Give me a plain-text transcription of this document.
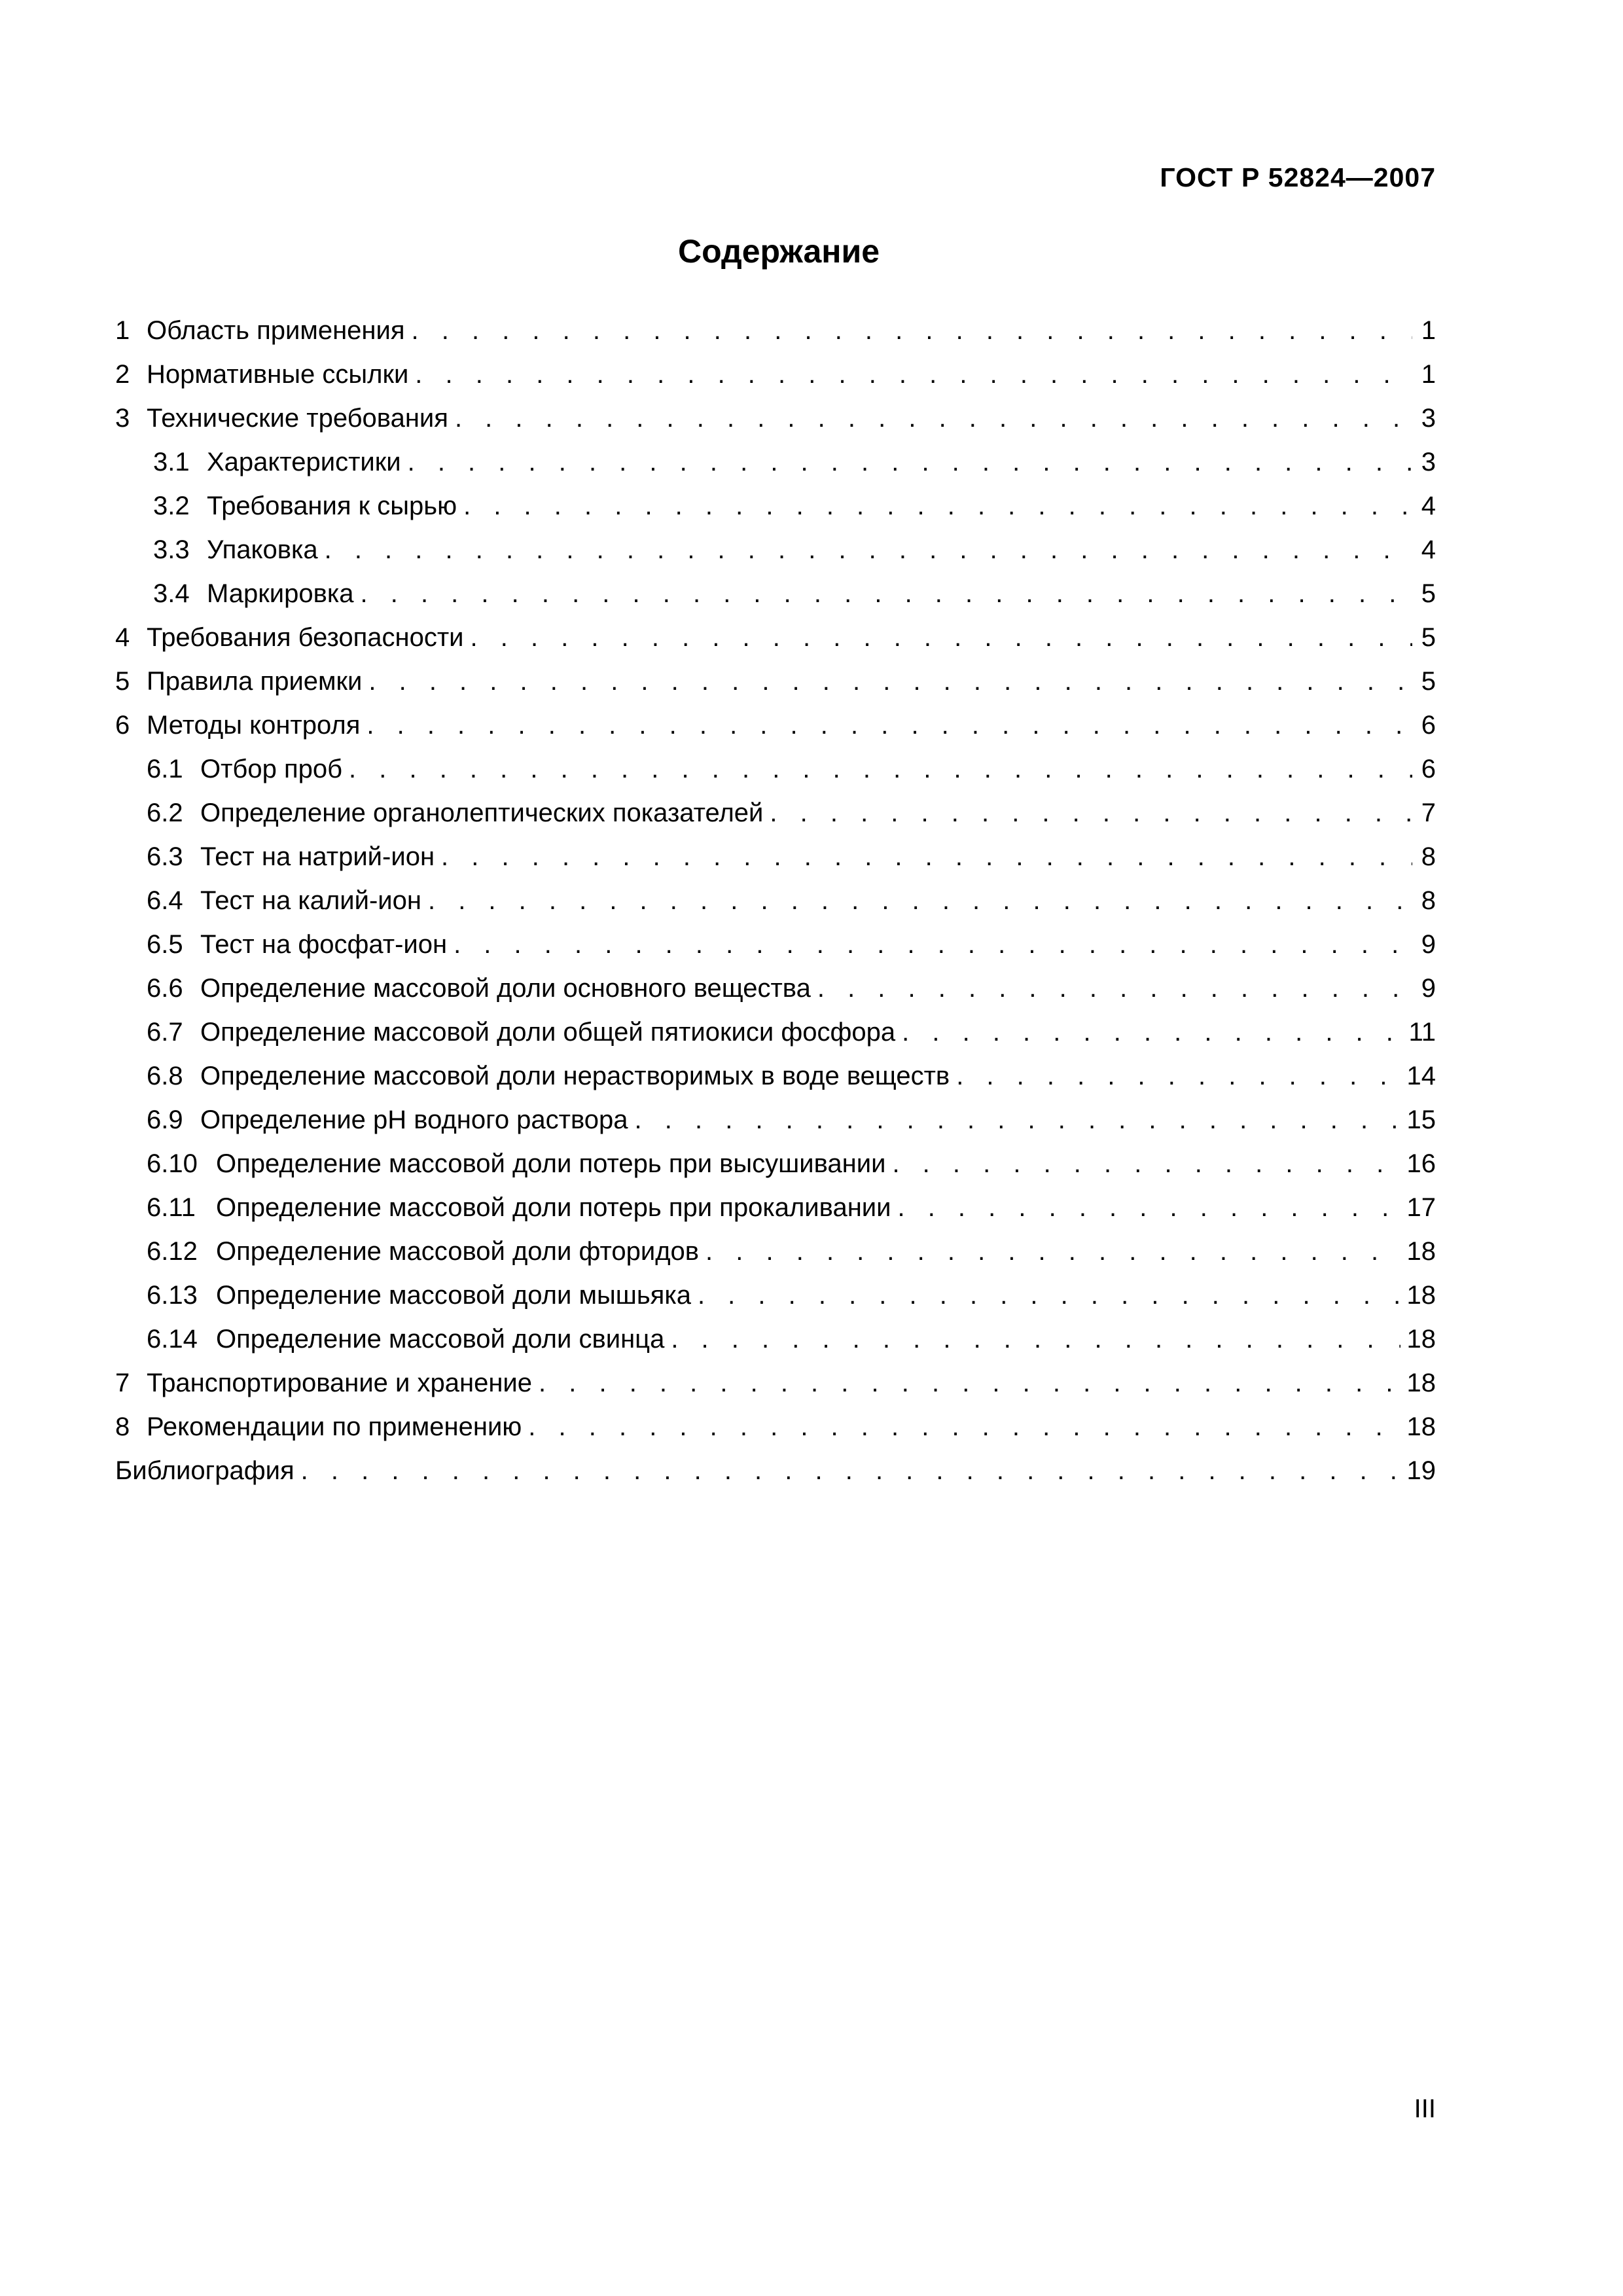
ГОСТ Р 52824—2007
Содержание
1 Область применения . . .	1
2 Нормативные ссылки . . .	1
3 Технические требования . . .	3
3.1 Характеристики . . .	3
3.2 Требования к сырью . . .	4
3.3 Упаковка . . .	4
3.4 Маркировка . . .	5
4 Требования безопасности . . .	5
5 Правила приемки . . .	5
6 Методы контроля . . .	6
6.1 Отбор проб . . .	6
6.2 Определение органолептических показателей . . .	7
6.3 Тест на натрий-ион . . .	8
6.4 Тест на калий-ион . . .	8
6.5 Тест на фосфат-ион . . .	9
6.6 Определение массовой доли основного вещества . . .	9
6.7 Определение массовой доли общей пятиокиси фосфора . . .	11
6.8 Определение массовой доли нерастворимых в воде веществ . . .	14
6.9 Определение pH водного раствора . . .	15
6.10 Определение массовой доли потерь при высушивании . . .	16
6.11 Определение массовой доли потерь при прокаливании . . .	17
6.12 Определение массовой доли фторидов . . .	18
6.13 Определение массовой доли мышьяка . . .	18
6.14 Определение массовой доли свинца . . .	18
7 Транспортирование и хранение . . .	18
8 Рекомендации по применению . . .	18
Библиография . . .	19
III
